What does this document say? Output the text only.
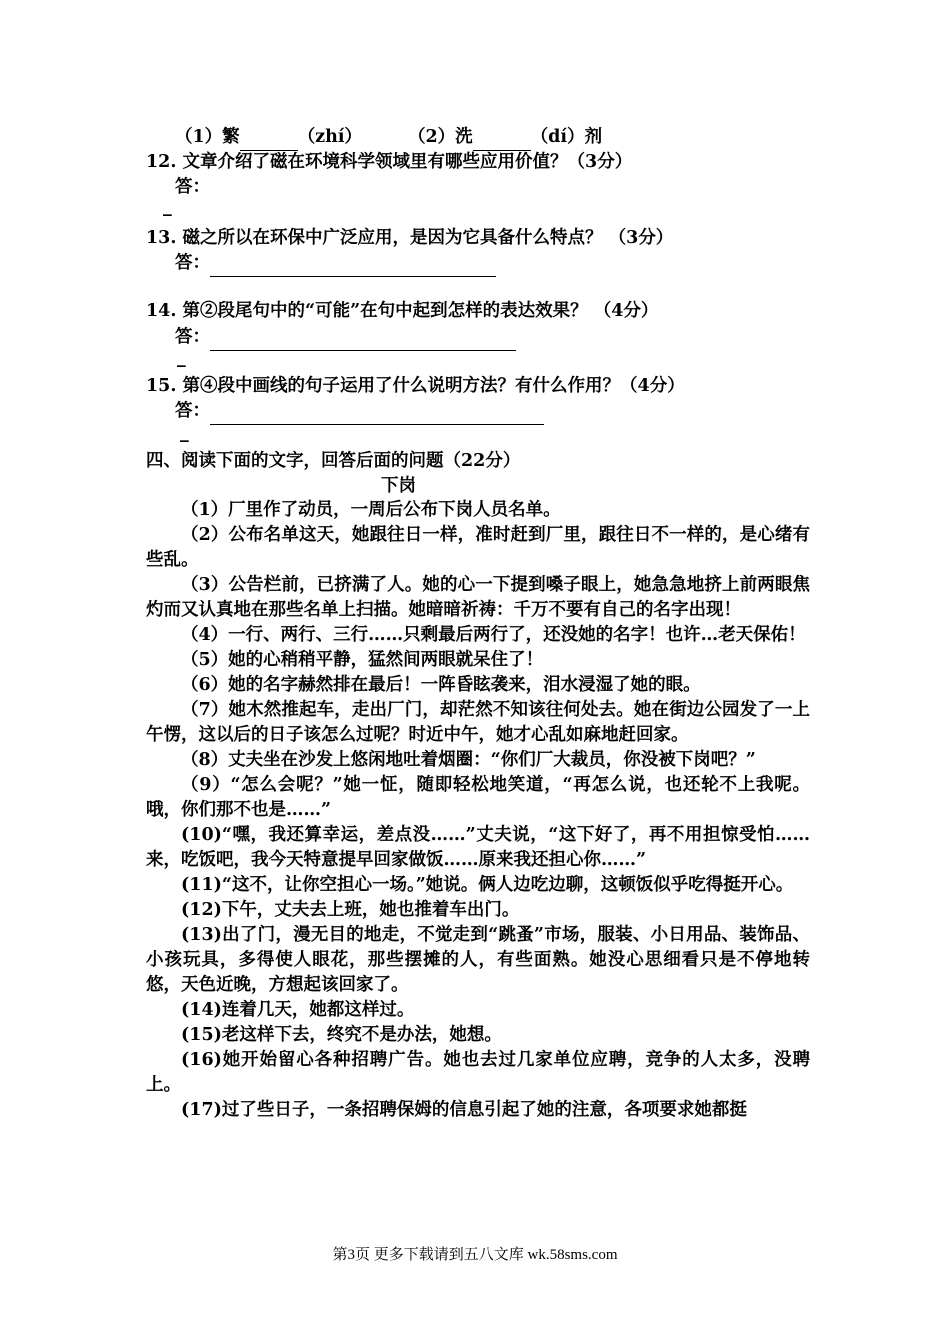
（1）繁	（zhí）	（2）洗	（dí）剂
12. 文章介绍了磁在环境科学领域里有哪些应用价值？（3分）
答：
_
13. 磁之所以在环保中广泛应用，是因为它具备什么特点？ （3分）
答：
14. 第②段尾句中的“可能”在句中起到怎样的表达效果？ （4分）
答：
_
15. 第④段中画线的句子运用了什么说明方法？有什么作用？（4分）
答：
_
四、阅读下面的文字，回答后面的问题（22分）
下岗
（1）厂里作了动员，一周后公布下岗人员名单。
（2）公布名单这天，她跟往日一样，准时赶到厂里，跟往日不一样的，是心绪有些乱。
（3）公告栏前，已挤满了人。她的心一下提到嗓子眼上，她急急地挤上前两眼焦灼而又认真地在那些名单上扫描。她暗暗祈祷：千万不要有自己的名字出现！
（4）一行、两行、三行……只剩最后两行了，还没她的名字！也许…老天保佑！
（5）她的心稍稍平静，猛然间两眼就呆住了！
（6）她的名字赫然排在最后！一阵昏眩袭来，泪水浸湿了她的眼。
（7）她木然推起车，走出厂门，却茫然不知该往何处去。她在街边公园发了一上午愣，这以后的日子该怎么过呢？时近中午，她才心乱如麻地赶回家。
（8）丈夫坐在沙发上悠闲地吐着烟圈：“你们厂大裁员，你没被下岗吧？”
（9）“怎么会呢？”她一怔，随即轻松地笑道，“再怎么说，也还轮不上我呢。哦，你们那不也是……”
(10)“嘿，我还算幸运，差点没……”丈夫说，“这下好了，再不用担惊受怕……来，吃饭吧，我今天特意提早回家做饭……原来我还担心你……”
(11)“这不，让你空担心一场。”她说。俩人边吃边聊，这顿饭似乎吃得挺开心。
(12)下午，丈夫去上班，她也推着车出门。
(13)出了门，漫无目的地走，不觉走到“跳蚤”市场，服装、小日用品、装饰品、小孩玩具，多得使人眼花，那些摆摊的人，有些面熟。她没心思细看只是不停地转悠，天色近晚，方想起该回家了。
(14)连着几天，她都这样过。
(15)老这样下去，终究不是办法，她想。
(16)她开始留心各种招聘广告。她也去过几家单位应聘，竞争的人太多，没聘上。
(17)过了些日子，一条招聘保姆的信息引起了她的注意，各项要求她都挺
第3页 更多下载请到五八文库 wk.58sms.com
